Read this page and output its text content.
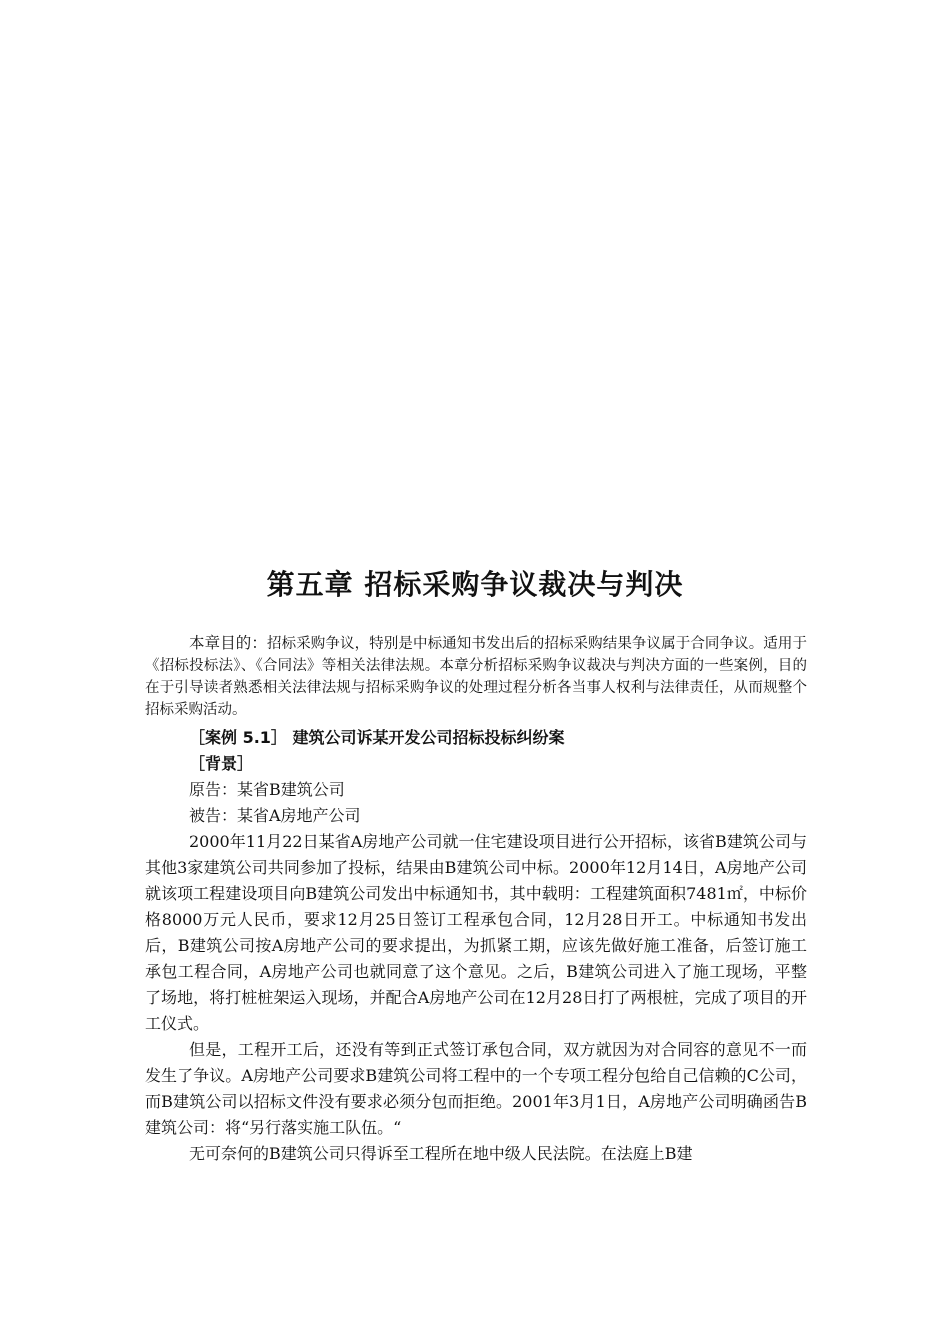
第五章 招标采购争议裁决与判决

本章目的：招标采购争议，特别是中标通知书发出后的招标采购结果争议属于合同争议。适用于《招标投标法》、《合同法》等相关法律法规。本章分析招标采购争议裁决与判决方面的一些案例，目的在于引导读者熟悉相关法律法规与招标采购争议的处理过程分析各当事人权利与法律责任，从而规整个招标采购活动。

［案例 5.1］ 建筑公司诉某开发公司招标投标纠纷案

［背景］

原告：某省B建筑公司

被告：某省A房地产公司

2000年11月22日某省A房地产公司就一住宅建设项目进行公开招标，该省B建筑公司与其他3家建筑公司共同参加了投标，结果由B建筑公司中标。2000年12月14日，A房地产公司就该项工程建设项目向B建筑公司发出中标通知书，其中载明：工程建筑面积7481㎡，中标价格8000万元人民币，要求12月25日签订工程承包合同，12月28日开工。中标通知书发出后，B建筑公司按A房地产公司的要求提出，为抓紧工期，应该先做好施工准备，后签订施工承包工程合同，A房地产公司也就同意了这个意见。之后，B建筑公司进入了施工现场，平整了场地，将打桩桩架运入现场，并配合A房地产公司在12月28日打了两根桩，完成了项目的开工仪式。

但是，工程开工后，还没有等到正式签订承包合同，双方就因为对合同容的意见不一而发生了争议。A房地产公司要求B建筑公司将工程中的一个专项工程分包给自己信赖的C公司，而B建筑公司以招标文件没有要求必须分包而拒绝。2001年3月1日，A房地产公司明确函告B建筑公司：将“另行落实施工队伍。“

无可奈何的B建筑公司只得诉至工程所在地中级人民法院。在法庭上B建
